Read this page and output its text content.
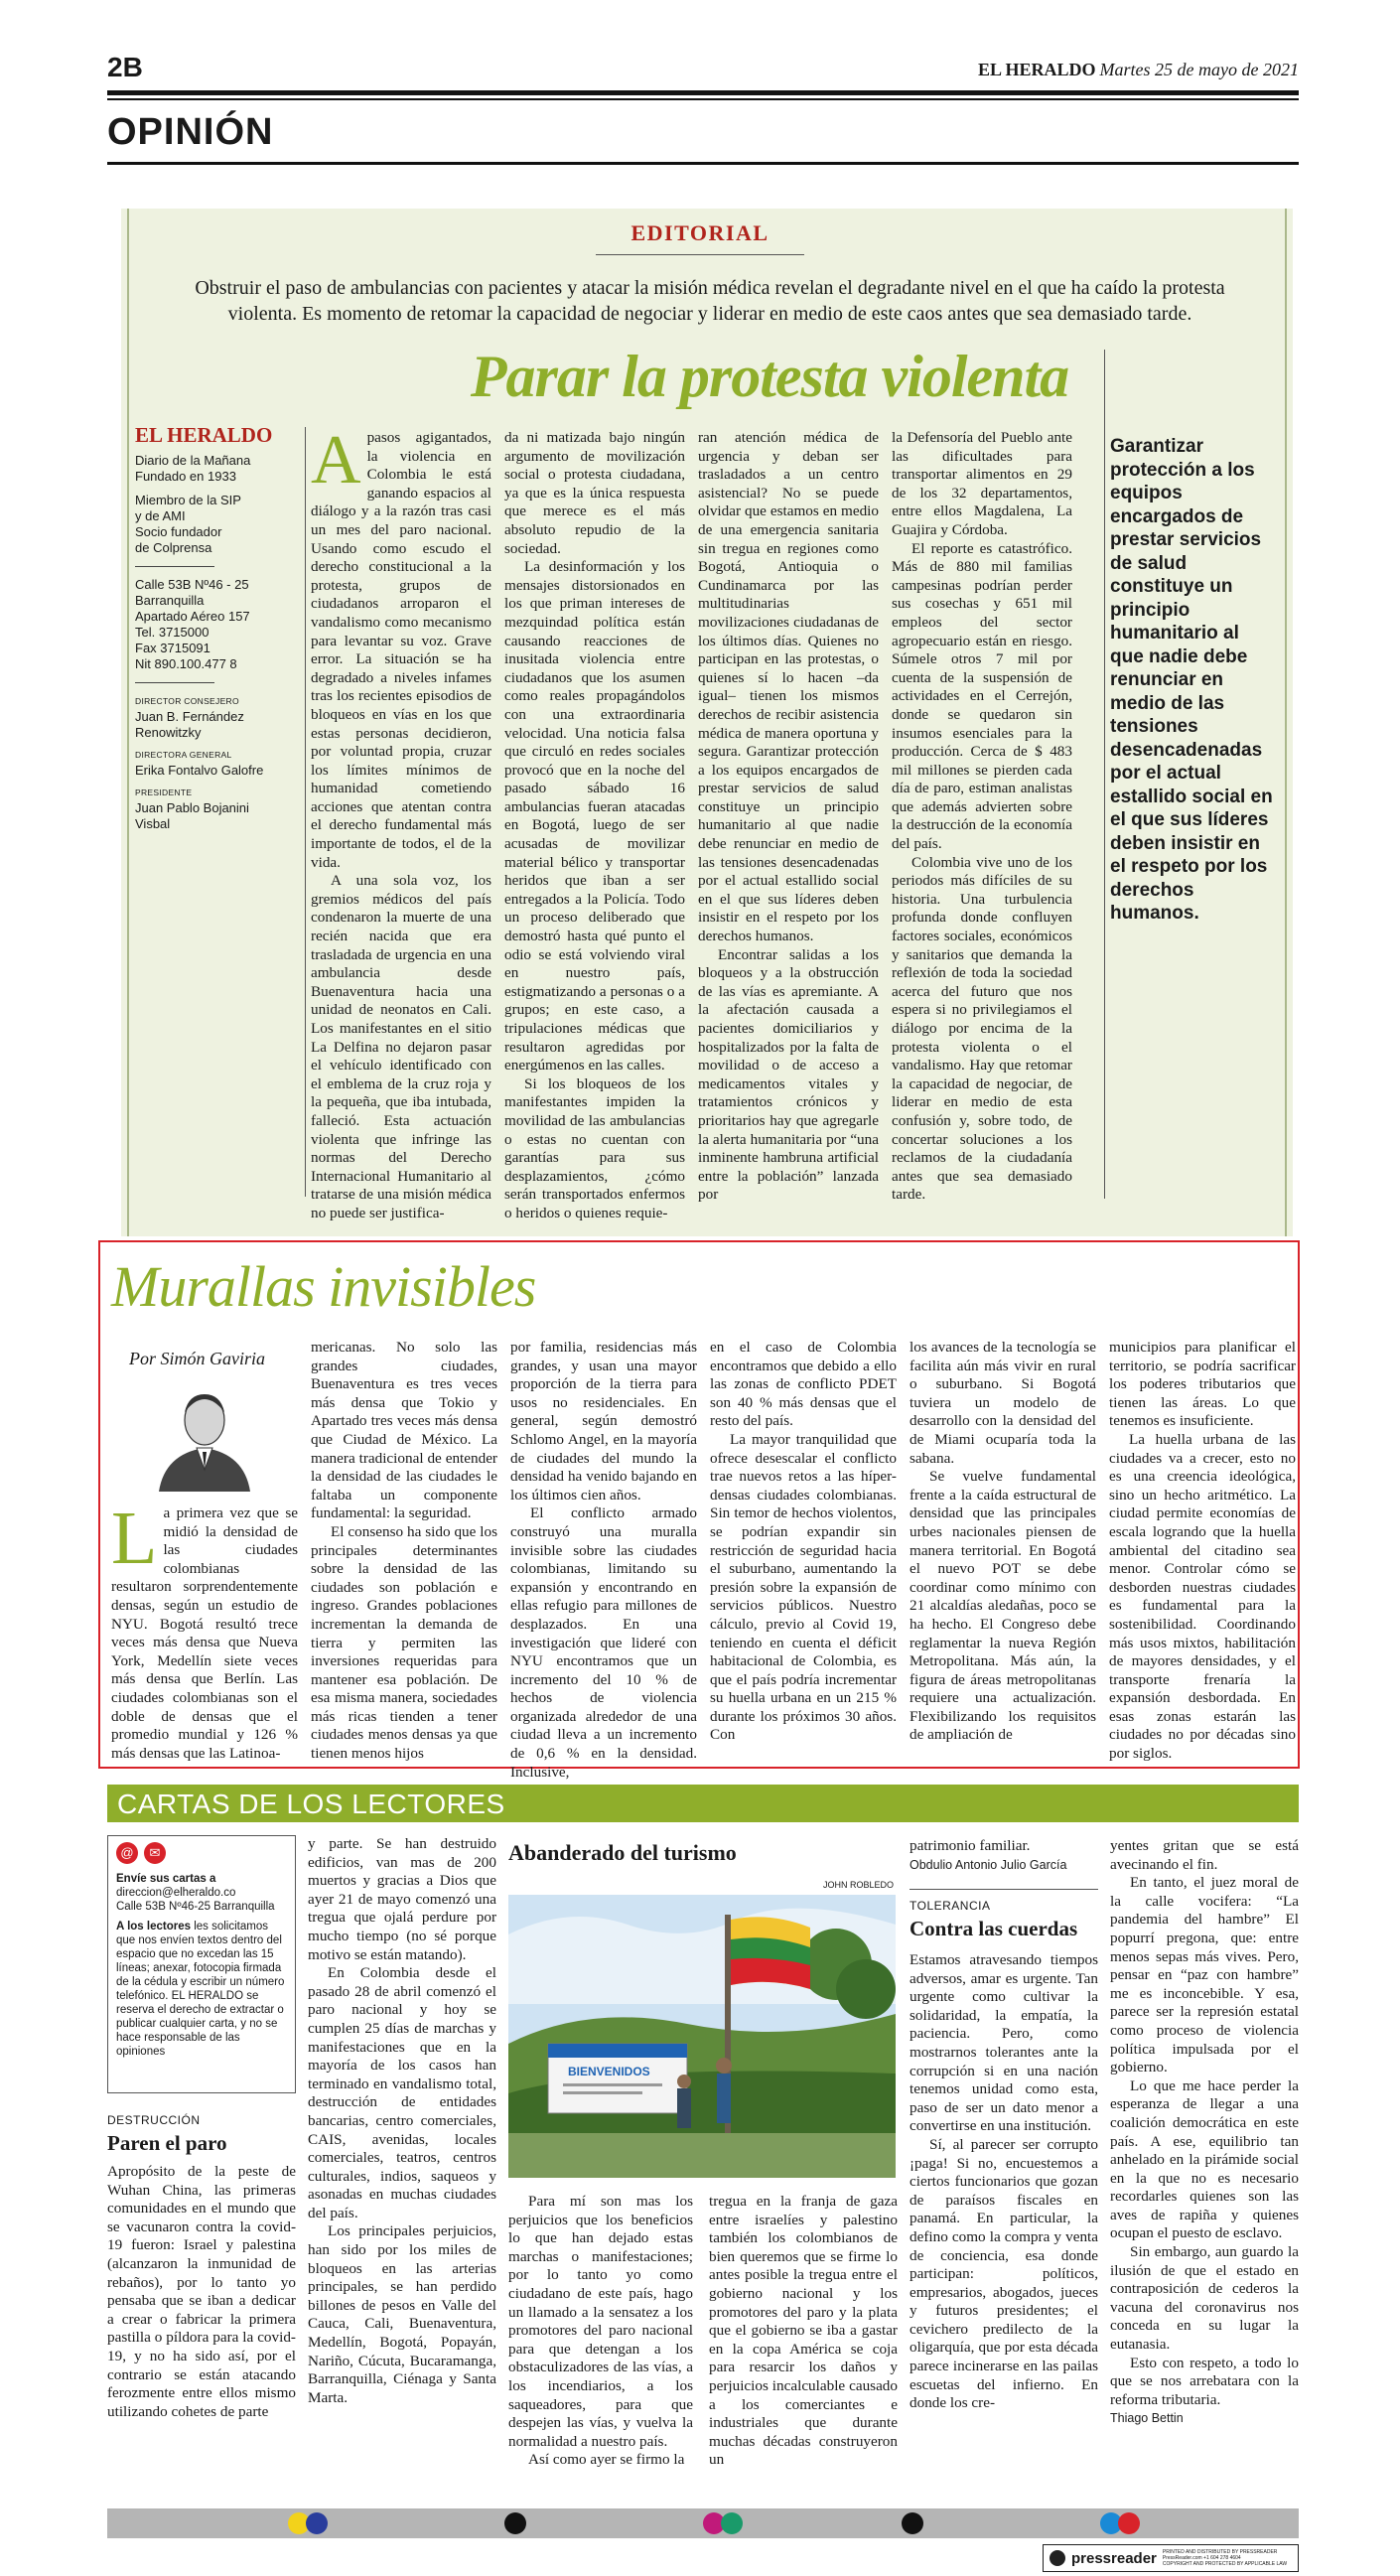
2B	EL HERALDO Martes 25 de mayo de 2021
OPINIÓN
EDITORIAL
Obstruir el paso de ambulancias con pacientes y atacar la misión médica revelan el degradante nivel en el que ha caído la protesta violenta. Es momento de retomar la capacidad de negociar y liderar en medio de este caos antes que sea demasiado tarde.
Parar la protesta violenta
EL HERALDO
Diario de la Mañana
Fundado en 1933
Miembro de la SIP
y de AMI
Socio fundador
de Colprensa
Calle 53B Nº46 - 25
Barranquilla
Apartado Aéreo 157
Tel. 3715000
Fax 3715091
Nit 890.100.477 8
DIRECTOR CONSEJERO
Juan B. Fernández
Renowitzky
DIRECTORA GENERAL
Erika Fontalvo Galofre
PRESIDENTE
Juan Pablo Bojanini
Visbal
A pasos agigantados, la violencia en Colombia le está ganando espacios al diálogo y a la razón tras casi un mes del paro nacional. Usando como escudo el derecho constitucional a la protesta, grupos de ciudadanos arroparon el vandalismo como mecanismo para levantar su voz. Grave error. La situación se ha degradado a niveles infames tras los recientes episodios de bloqueos en vías en los que estas personas decidieron, por voluntad propia, cruzar los límites mínimos de humanidad cometiendo acciones que atentan contra el derecho fundamental más importante de todos, el de la vida.

A una sola voz, los gremios médicos del país condenaron la muerte de una recién nacida que era trasladada de urgencia en una ambulancia desde Buenaventura hacia una unidad de neonatos en Cali. Los manifestantes en el sitio La Delfina no dejaron pasar el vehículo identificado con el emblema de la cruz roja y la pequeña, que iba intubada, falleció. Esta actuación violenta que infringe las normas del Derecho Internacional Humanitario al tratarse de una misión médica no puede ser justifica-

da ni matizada bajo ningún argumento de movilización social o protesta ciudadana, ya que es la única respuesta que merece es el más absoluto repudio de la sociedad.

La desinformación y los mensajes distorsionados en los que priman intereses de mezquindad política están causando reacciones de inusitada violencia entre ciudadanos que los asumen como reales propagándolos con una extraordinaria velocidad. Una noticia falsa que circuló en redes sociales provocó que en la noche del pasado sábado 16 ambulancias fueran atacadas en Bogotá, luego de ser acusadas de movilizar material bélico y transportar heridos que iban a ser entregados a la Policía. Todo un proceso deliberado que demostró hasta qué punto el odio se está volviendo viral en nuestro país, estigmatizando a personas o a grupos; en este caso, a tripulaciones médicas que resultaron agredidas por energúmenos en las calles.

Si los bloqueos de los manifestantes impiden la movilidad de las ambulancias o estas no cuentan con garantías para sus desplazamientos, ¿cómo serán transportados enfermos o heridos o quienes requie-

ran atención médica de urgencia y deban ser trasladados a un centro asistencial? No se puede olvidar que estamos en medio de una emergencia sanitaria sin tregua en regiones como Bogotá, Antioquia o Cundinamarca por las multitudinarias movilizaciones ciudadanas de los últimos días. Quienes no participan en las protestas, o quienes sí lo hacen –da igual– tienen los mismos derechos de recibir asistencia médica de manera oportuna y segura. Garantizar protección a los equipos encargados de prestar servicios de salud constituye un principio humanitario al que nadie debe renunciar en medio de las tensiones desencadenadas por el actual estallido social en el que sus líderes deben insistir en el respeto por los derechos humanos.

Encontrar salidas a los bloqueos y a la obstrucción de las vías es apremiante. A la afectación causada a pacientes domiciliarios y hospitalizados por la falta de movilidad o de acceso a medicamentos vitales y tratamientos crónicos y prioritarios hay que agregarle la alerta humanitaria por “una inminente hambruna artificial entre la población” lanzada por

la Defensoría del Pueblo ante las dificultades para transportar alimentos en 29 de los 32 departamentos, entre ellos Magdalena, La Guajira y Córdoba.

El reporte es catastrófico. Más de 880 mil familias campesinas podrían perder sus cosechas y 651 mil empleos del sector agropecuario están en riesgo. Súmele otros 7 mil por cuenta de la suspensión de actividades en el Cerrejón, donde se quedaron sin insumos esenciales para la producción. Cerca de $ 483 mil millones se pierden cada día de paro, estiman analistas que además advierten sobre la destrucción de la economía del país.

Colombia vive uno de los periodos más difíciles de su historia. Una turbulencia profunda donde confluyen factores sociales, económicos y sanitarios que demanda la reflexión de toda la sociedad acerca del futuro que nos espera si no privilegiamos el diálogo por encima de la protesta violenta o el vandalismo. Hay que retomar la capacidad de negociar, de liderar en medio de esta confusión y, sobre todo, de concertar soluciones a los reclamos de la ciudadanía antes que sea demasiado tarde.

Garantizar protección a los equipos encargados de prestar servicios de salud constituye un principio humanitario al que nadie debe renunciar en medio de las tensiones desencadenadas por el actual estallido social en el que sus líderes deben insistir en el respeto por los derechos humanos.
Murallas invisibles
Por Simón Gaviria
L a primera vez que se midió la densidad de las ciudades colombianas resultaron sorprendentemente densas, según un estudio de NYU. Bogotá resultó trece veces más densa que Nueva York, Medellín siete veces más densa que Berlín. Las ciudades colombianas son el doble de densas que el promedio mundial y 126 % más densas que las Latinoa-

mericanas. No solo las grandes ciudades, Buenaventura es tres veces más densa que Tokio y Apartado tres veces más densa que Ciudad de México. La manera tradicional de entender la densidad de las ciudades le faltaba un componente fundamental: la seguridad.

El consenso ha sido que los principales determinantes sobre la densidad de las ciudades son población e ingreso. Grandes poblaciones incrementan la demanda de tierra y permiten las inversiones requeridas para mantener esa población. De esa misma manera, sociedades más ricas tienden a tener ciudades menos densas ya que tienen menos hijos

por familia, residencias más grandes, y usan una mayor proporción de la tierra para usos no residenciales. En general, según demostró Schlomo Angel, en la mayoría de ciudades del mundo la densidad ha venido bajando en los últimos cien años.

El conflicto armado construyó una muralla invisible sobre las ciudades colombianas, limitando su expansión y encontrando en ellas refugio para millones de desplazados. En una investigación que lideré con NYU encontramos que un incremento del 10 % de hechos de violencia organizada alrededor de una ciudad lleva a un incremento de 0,6 % en la densidad. Inclusive,

en el caso de Colombia encontramos que debido a ello las zonas de conflicto PDET son 40 % más densas que el resto del país.

La mayor tranquilidad que ofrece desescalar el conflicto trae nuevos retos a las híper-densas ciudades colombianas. Sin temor de hechos violentos, se podrían expandir sin restricción de seguridad hacia el suburbano, aumentando la presión sobre la expansión de servicios públicos. Nuestro cálculo, previo al Covid 19, teniendo en cuenta el déficit habitacional de Colombia, es que el país podría incrementar su huella urbana en un 215 % durante los próximos 30 años. Con

los avances de la tecnología se facilita aún más vivir en rural o suburbano. Si Bogotá tuviera un modelo de desarrollo con la densidad del de Miami ocuparía toda la sabana.

Se vuelve fundamental frente a la caída estructural de densidad que las principales urbes nacionales piensen de manera territorial. En Bogotá el nuevo POT se debe coordinar como mínimo con 21 alcaldías aledañas, poco se ha hecho. El Congreso debe reglamentar la nueva Región Metropolitana. Más aún, la figura de áreas metropolitanas requiere una actualización. Flexibilizando los requisitos de ampliación de

municipios para planificar el territorio, se podría sacrificar los poderes tributarios que tienen las áreas. Lo que tenemos es insuficiente.

La huella urbana de las ciudades va a crecer, esto no es una creencia ideológica, sino un hecho aritmético. La ciudad permite economías de escala logrando que la huella ambiental del citadino sea menor. Controlar cómo se desborden nuestras ciudades es fundamental para la sostenibilidad. Coordinando más usos mixtos, habilitación de mayores densidades, y el transporte frenaría la expansión desbordada. En esas zonas estarán las ciudades no por décadas sino por siglos.

CARTAS DE LOS LECTORES
@	✉
Envíe sus cartas a
direccion@elheraldo.co
Calle 53B Nº46-25 Barranquilla
A los lectores les solicitamos que nos envíen textos dentro del espacio que no excedan las 15 líneas; anexar, fotocopia firmada de la cédula y escribir un número telefónico. EL HERALDO se reserva el derecho de extractar o publicar cualquier carta, y no se hace responsable de las opiniones
DESTRUCCIÓN
Paren el paro

Apropósito de la peste de Wuhan China, las primeras comunidades en el mundo que se vacunaron contra la covid-19 fueron: Israel y palestina (alcanzaron la inmunidad de rebaños), por lo tanto yo pensaba que se iban a dedicar a crear o fabricar la primera pastilla o píldora para la covid-19, y no ha sido así, por el contrario se están atacando ferozmente entre ellos mismo utilizando cohetes de parte

y parte. Se han destruido edificios, van mas de 200 muertos y gracias a Dios que ayer 21 de mayo comenzó una tregua que ojalá perdure por mucho tiempo (no sé porque motivo se están matando).

En Colombia desde el pasado 28 de abril comenzó el paro nacional y hoy se cumplen 25 días de marchas y manifestaciones que en la mayoría de los casos han terminado en vandalismo total, destrucción de entidades bancarias, centro comerciales, CAIS, avenidas, locales comerciales, teatros, centros culturales, indios, saqueos y asonadas en muchas ciudades del país.

Los principales perjuicios, han sido por los miles de bloqueos en las arterias principales, se han perdido billones de pesos en Valle del Cauca, Cali, Buenaventura, Medellín, Bogotá, Popayán, Nariño, Cúcuta, Bucaramanga, Barranquilla, Ciénaga y Santa Marta.

Abanderado del turismo
JOHN ROBLEDO
BIENVENIDOS

Para mí son mas los perjuicios que los beneficios lo que han dejado estas marchas o manifestaciones; por lo tanto yo como ciudadano de este país, hago un llamado a la sensatez a los promotores del paro nacional para que detengan a los obstaculizadores de las vías, a los incendiarios, a los saqueadores, para que despejen las vías, y vuelva la normalidad a nuestro país.

Así como ayer se firmo la

tregua en la franja de gaza entre israelíes y palestino también los colombianos de bien queremos que se firme lo antes posible la tregua entre el gobierno nacional y los promotores del paro y la plata que el gobierno se iba a gastar en la copa América se coja para resarcir los daños y perjuicios incalculable causado a los comerciantes e industriales que durante muchas décadas construyeron un

patrimonio familiar.

Obdulio Antonio Julio García

TOLERANCIA
Contra las cuerdas

Estamos atravesando tiempos adversos, amar es urgente. Tan urgente como cultivar la solidaridad, la empatía, la paciencia. Pero, como mostrarnos tolerantes ante la corrupción si en una nación tenemos unidad como esta, paso de ser un dato menor a convertirse en una institución.

Sí, al parecer ser corrupto ¡paga! Si no, encuestemos a ciertos funcionarios que gozan de paraísos fiscales en panamá. En particular, la defino como la compra y venta de conciencia, esa donde participan: políticos, empresarios, abogados, jueces y futuros presidentes; el cevichero predilecto de la oligarquía, que por esta década parece incinerarse en las pailas escuetas del infierno. En donde los cre-

yentes gritan que se está avecinando el fin.

En tanto, el juez moral de la calle vocifera: “La pandemia del hambre” El popurrí pregona, que: entre menos sepas más vives. Pero, pensar en “paz con hambre” me es inconcebible. Y esa, parece ser la represión estatal como proceso de violencia política impulsada por el gobierno.

Lo que me hace perder la esperanza de llegar a una coalición democrática en este país. A ese, equilibrio tan anhelado en la pirámide social en la que no es necesario recordarles quienes son las aves de rapiña y quienes ocupan el puesto de esclavo.

Sin embargo, aun guardo la ilusión de que el estado en contraposición de cederos la vacuna del coronavirus nos conceda en su lugar la eutanasia.

Esto con respeto, a todo lo que se nos arrebatara con la reforma tributaria.

Thiago Bettin

pressreader PRINTED AND DISTRIBUTED BY PRESSREADER
PressReader.com +1 604 278 4604
COPYRIGHT AND PROTECTED BY APPLICABLE LAW
